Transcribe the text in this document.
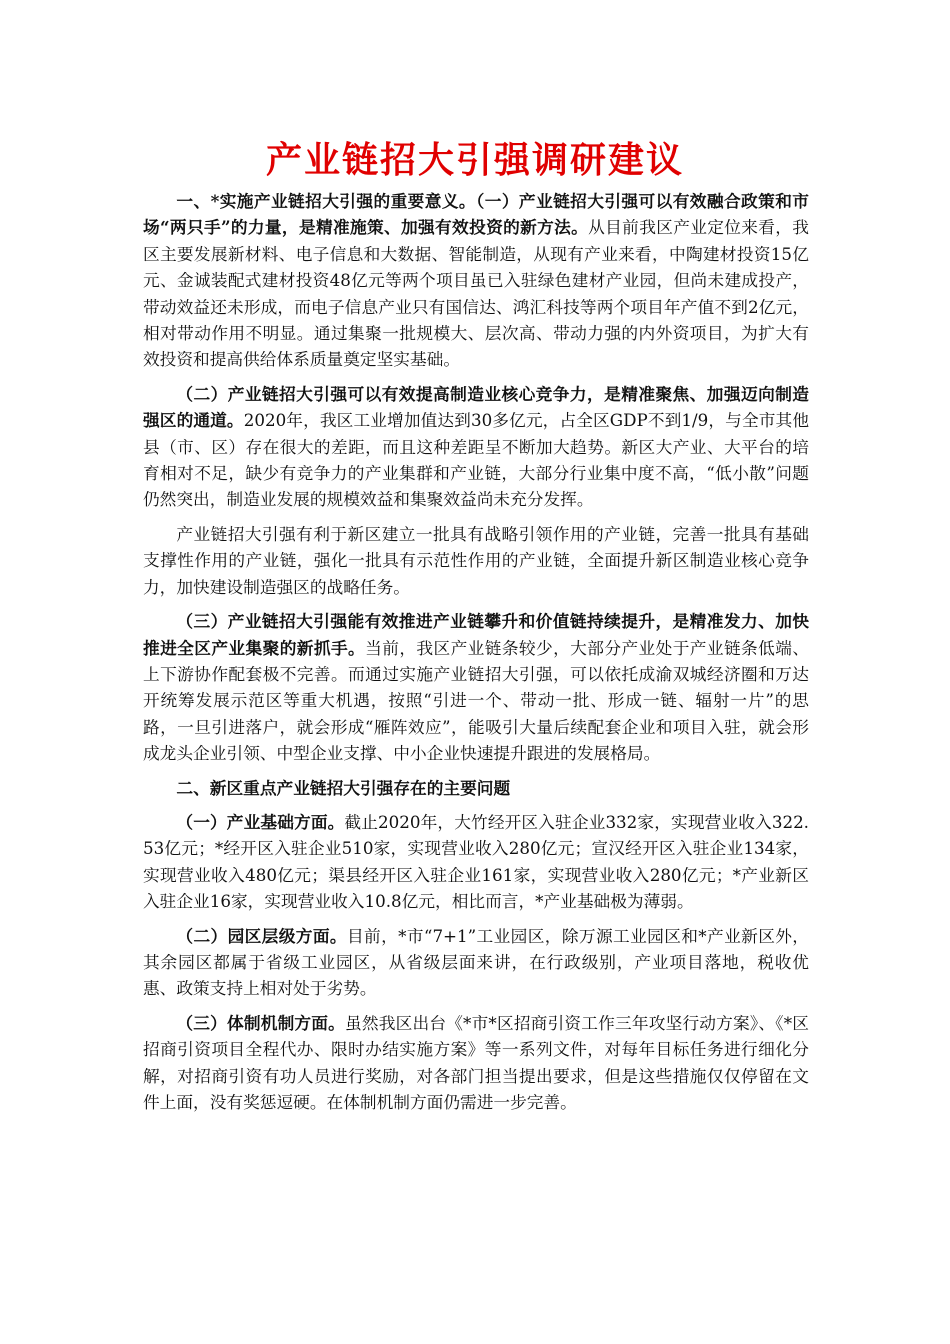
产业链招大引强调研建议

一、*实施产业链招大引强的重要意义。（一）产业链招大引强可以有效融合政策和市场“两只手”的力量，是精准施策、加强有效投资的新方法。从目前我区产业定位来看，我区主要发展新材料、电子信息和大数据、智能制造，从现有产业来看，中陶建材投资15亿元、金诚装配式建材投资48亿元等两个项目虽已入驻绿色建材产业园，但尚未建成投产，带动效益还未形成，而电子信息产业只有国信达、鸿汇科技等两个项目年产值不到2亿元，相对带动作用不明显。通过集聚一批规模大、层次高、带动力强的内外资项目，为扩大有效投资和提高供给体系质量奠定坚实基础。

（二）产业链招大引强可以有效提高制造业核心竞争力，是精准聚焦、加强迈向制造强区的通道。2020年，我区工业增加值达到30多亿元，占全区GDP不到1/9，与全市其他县（市、区）存在很大的差距，而且这种差距呈不断加大趋势。新区大产业、大平台的培育相对不足，缺少有竞争力的产业集群和产业链，大部分行业集中度不高，“低小散”问题仍然突出，制造业发展的规模效益和集聚效益尚未充分发挥。

产业链招大引强有利于新区建立一批具有战略引领作用的产业链，完善一批具有基础支撑性作用的产业链，强化一批具有示范性作用的产业链，全面提升新区制造业核心竞争力，加快建设制造强区的战略任务。

（三）产业链招大引强能有效推进产业链攀升和价值链持续提升，是精准发力、加快推进全区产业集聚的新抓手。当前，我区产业链条较少，大部分产业处于产业链条低端、上下游协作配套极不完善。而通过实施产业链招大引强，可以依托成渝双城经济圈和万达开统筹发展示范区等重大机遇，按照“引进一个、带动一批、形成一链、辐射一片”的思路，一旦引进落户，就会形成“雁阵效应”，能吸引大量后续配套企业和项目入驻，就会形成龙头企业引领、中型企业支撑、中小企业快速提升跟进的发展格局。

二、新区重点产业链招大引强存在的主要问题

（一）产业基础方面。截止2020年，大竹经开区入驻企业332家，实现营业收入322.53亿元；*经开区入驻企业510家，实现营业收入280亿元；宣汉经开区入驻企业134家，实现营业收入480亿元；渠县经开区入驻企业161家，实现营业收入280亿元；*产业新区入驻企业16家，实现营业收入10.8亿元，相比而言，*产业基础极为薄弱。

（二）园区层级方面。目前，*市“7+1”工业园区，除万源工业园区和*产业新区外，其余园区都属于省级工业园区，从省级层面来讲，在行政级别，产业项目落地，税收优惠、政策支持上相对处于劣势。

（三）体制机制方面。虽然我区出台《*市*区招商引资工作三年攻坚行动方案》、《*区招商引资项目全程代办、限时办结实施方案》等一系列文件，对每年目标任务进行细化分解，对招商引资有功人员进行奖励，对各部门担当提出要求，但是这些措施仅仅停留在文件上面，没有奖惩逗硬。在体制机制方面仍需进一步完善。
